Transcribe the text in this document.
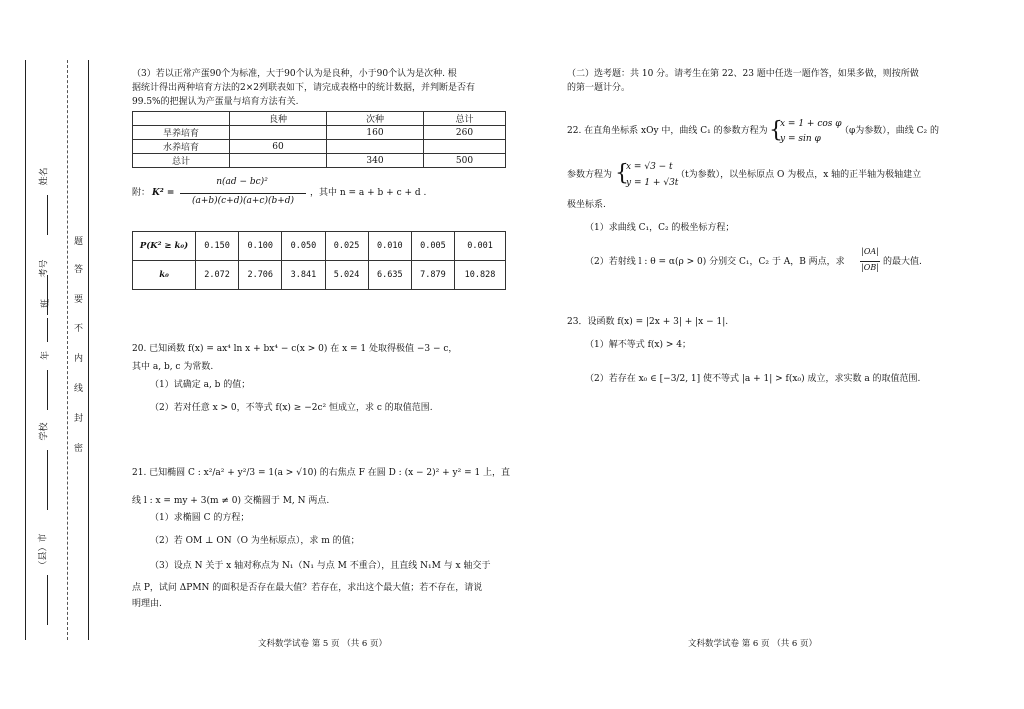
姓名
考号
班
年
学校
（县）市
题
答
要
不
内
线
封
密
（3）若以正常产蛋90个为标准，大于90个认为是良种，小于90个认为是次种. 根
据统计得出两种培育方法的2×2列联表如下，请完成表格中的统计数据，并判断是否有
99.5%的把握认为产蛋量与培育方法有关.
	良种	次种	总计
旱养培育		160	260
水养培育	60		
总计		340	500
附： K² =
n(ad − bc)²
(a+b)(c+d)(a+c)(b+d)
，其中 n = a + b + c + d .
P(K² ≥ k₀)	0.150	0.100	0.050	0.025	0.010	0.005	0.001
k₀	2.072	2.706	3.841	5.024	6.635	7.879	10.828
20. 已知函数 f(x) = ax⁴ ln x + bx⁴ − c(x > 0) 在 x = 1 处取得极值 −3 − c，
其中 a, b, c 为常数.
（1）试确定 a, b 的值；
（2）若对任意 x > 0，不等式 f(x) ≥ −2c² 恒成立，求 c 的取值范围.
21. 已知椭圆 C : x²/a² + y²/3 = 1(a > √10) 的右焦点 F 在圆 D : (x − 2)² + y² = 1 上，直
线 l : x = my + 3(m ≠ 0) 交椭圆于 M, N 两点.
（1）求椭圆 C 的方程；
（2）若 OM ⊥ ON（O 为坐标原点），求 m 的值；
（3）设点 N 关于 x 轴对称点为 N₁（N₁ 与点 M 不重合），且直线 N₁M 与 x 轴交于
点 P，试问 ΔPMN 的面积是否存在最大值？若存在，求出这个最大值；若不存在，请说
明理由.
文科数学试卷 第 5 页 （共 6 页）
（二）选考题：共 10 分。请考生在第 22、23 题中任选一题作答，如果多做，则按所做
的第一题计分。
22. 在直角坐标系 xOy 中，曲线 C₁ 的参数方程为 {
x = 1 + cos φ
y = sin φ
（φ为参数），曲线 C₂ 的
参数方程为 {
x = √3 − t
y = 1 + √3t
（t为参数），以坐标原点 O 为极点，x 轴的正半轴为极轴建立
极坐标系.
（1）求曲线 C₁，C₂ 的极坐标方程；
（2）若射线 l : θ = α(ρ > 0) 分别交 C₁，C₂ 于 A，B 两点，求
|OA|
|OB|
的最大值.
23．设函数 f(x) = |2x + 3| + |x − 1|.
（1）解不等式 f(x) > 4；
（2）若存在 x₀ ∈ [−3/2, 1] 使不等式 |a + 1| > f(x₀) 成立，求实数 a 的取值范围.
文科数学试卷 第 6 页 （共 6 页）
